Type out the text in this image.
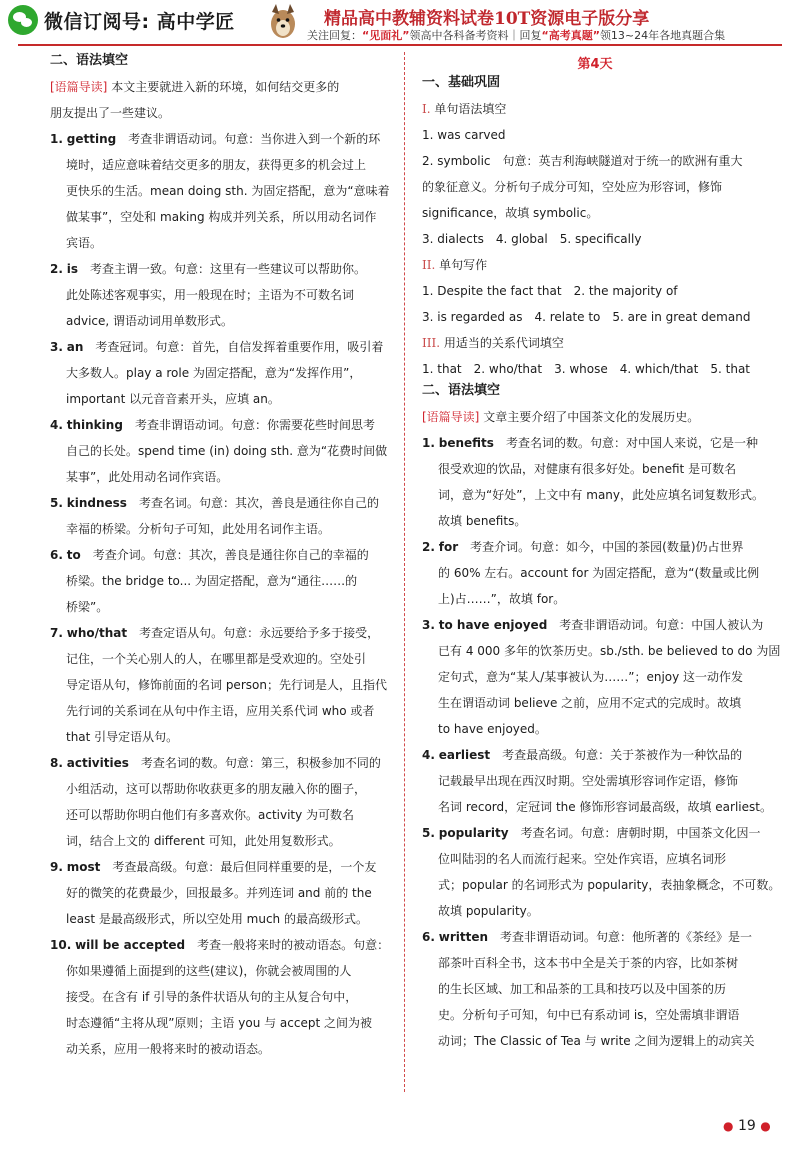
微信订阅号: 高中学匠	精品高中教辅资料试卷10T资源电子版分享
关注回复：“见面礼”领高中各科备考资料｜回复“高考真题”领13~24年各地真题合集
二、语法填空
[语篇导读] 本文主要就进入新的环境，如何结交更多的
朋友提出了一些建议。
1. getting　 考查非谓语动词。句意：当你进入到一个新的环
境时，适应意味着结交更多的朋友，获得更多的机会过上
更快乐的生活。mean doing sth. 为固定搭配，意为“意味着
做某事”，空处和 making 构成并列关系，所以用动名词作
宾语。
2. is　 考查主谓一致。句意：这里有一些建议可以帮助你。
此处陈述客观事实，用一般现在时；主语为不可数名词
advice, 谓语动词用单数形式。
3. an　 考查冠词。句意：首先，自信发挥着重要作用，吸引着
大多数人。play a role 为固定搭配，意为“发挥作用”，
important 以元音音素开头，应填 an。
4. thinking　 考查非谓语动词。句意：你需要花些时间思考
自己的长处。spend time (in) doing sth. 意为“花费时间做
某事”，此处用动名词作宾语。
5. kindness　 考查名词。句意：其次，善良是通往你自己的
幸福的桥梁。分析句子可知，此处用名词作主语。
6. to　 考查介词。句意：其次，善良是通往你自己的幸福的
桥梁。the bridge to... 为固定搭配，意为“通往……的
桥梁”。
7. who/that　 考查定语从句。句意：永远要给予多于接受，
记住，一个关心别人的人，在哪里都是受欢迎的。空处引
导定语从句，修饰前面的名词 person；先行词是人，且指代
先行词的关系词在从句中作主语，应用关系代词 who 或者
that 引导定语从句。
8. activities　 考查名词的数。句意：第三，积极参加不同的
小组活动，这可以帮助你收获更多的朋友融入你的圈子，
还可以帮助你明白他们有多喜欢你。activity 为可数名
词，结合上文的 different 可知，此处用复数形式。
9. most　 考查最高级。句意：最后但同样重要的是，一个友
好的微笑的花费最少，回报最多。并列连词 and 前的 the
least 是最高级形式，所以空处用 much 的最高级形式。
10. will be accepted　 考查一般将来时的被动语态。句意：
你如果遵循上面提到的这些(建议)，你就会被周围的人
接受。在含有 if 引导的条件状语从句的主从复合句中，
时态遵循“主将从现”原则；主语 you 与 accept 之间为被
动关系，应用一般将来时的被动语态。
第4天
一、基础巩固
I. 单句语法填空
1. was carved
2. symbolic　句意：英吉利海峡隧道对于统一的欧洲有重大
的象征意义。分析句子成分可知，空处应为形容词，修饰
significance，故填 symbolic。
3. dialects　4. global　5. specifically
II. 单句写作
1. Despite the fact that　2. the majority of
3. is regarded as　4. relate to　5. are in great demand
III. 用适当的关系代词填空
1. that　2. who/that　3. whose　4. which/that　5. that
二、语法填空
[语篇导读] 文章主要介绍了中国茶文化的发展历史。
1. benefits　 考查名词的数。句意：对中国人来说，它是一种
很受欢迎的饮品，对健康有很多好处。benefit 是可数名
词，意为“好处”，上文中有 many，此处应填名词复数形式。
故填 benefits。
2. for　 考查介词。句意：如今，中国的茶园(数量)仍占世界
的 60% 左右。account for 为固定搭配，意为“(数量或比例
上)占……”，故填 for。
3. to have enjoyed　 考查非谓语动词。句意：中国人被认为
已有 4 000 多年的饮茶历史。sb./sth. be believed to do 为固
定句式，意为“某人/某事被认为……”；enjoy 这一动作发
生在谓语动词 believe 之前，应用不定式的完成时。故填
to have enjoyed。
4. earliest　 考查最高级。句意：关于茶被作为一种饮品的
记载最早出现在西汉时期。空处需填形容词作定语，修饰
名词 record，定冠词 the 修饰形容词最高级，故填 earliest。
5. popularity　 考查名词。句意：唐朝时期，中国茶文化因一
位叫陆羽的名人而流行起来。空处作宾语，应填名词形
式；popular 的名词形式为 popularity，表抽象概念，不可数。
故填 popularity。
6. written　 考查非谓语动词。句意：他所著的《茶经》是一
部茶叶百科全书，这本书中全是关于茶的内容，比如茶树
的生长区域、加工和品茶的工具和技巧以及中国茶的历
史。分析句子可知，句中已有系动词 is，空处需填非谓语
动词；The Classic of Tea 与 write 之间为逻辑上的动宾关
● 19 ●
